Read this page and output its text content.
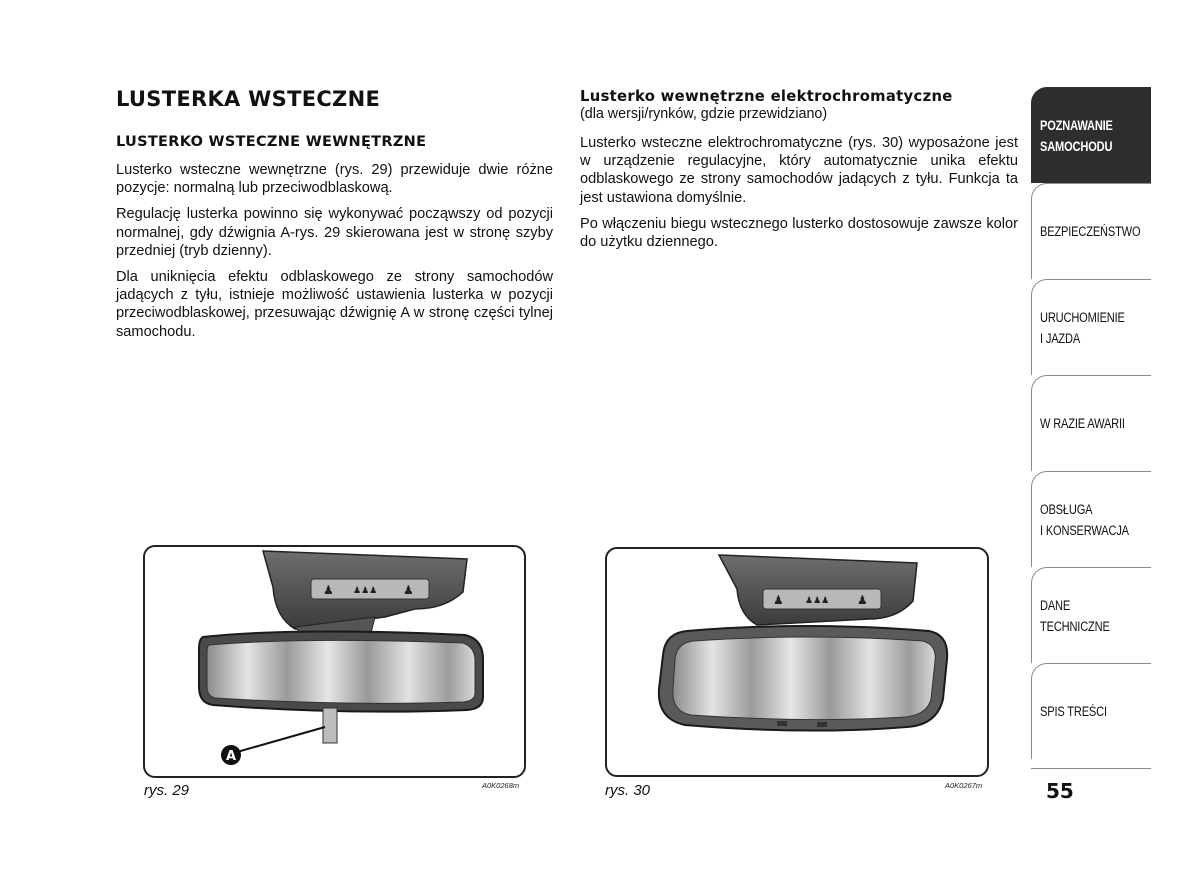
LUSTERKA WSTECZNE
LUSTERKO WSTECZNE WEWNĘTRZNE

Lusterko wsteczne wewnętrzne (rys. 29) przewiduje dwie różne pozycje: normalną lub przeciwodblaskową.

Regulację lusterka powinno się wykonywać począwszy od pozycji normalnej, gdy dźwignia A-rys. 29 skierowana jest w stronę szyby przedniej (tryb dzienny).

Dla uniknięcia efektu odblaskowego ze strony samochodów jadących z tyłu, istnieje możliwość ustawienia lusterka w pozycji przeciwodblaskowej, przesuwając dźwignię A w stronę części tylnej samochodu.

Lusterko wewnętrzne elektrochromatyczne

(dla wersji/rynków, gdzie przewidziano)

Lusterko wsteczne elektrochromatyczne (rys. 30) wyposażone jest w urządzenie regulacyjne, który automatycznie unika efektu odblaskowego ze strony samochodów jadących z tyłu. Funkcja ta jest ustawiona domyślnie.

Po włączeniu biegu wstecznego lusterko dostosowuje zawsze kolor do użytku dziennego.

♟ ♟♟♟ ♟
A
rys. 29	A0K0268m
♟ ♟♟♟ ♟
rys. 30	A0K0267m
POZNAWANIE
SAMOCHODU
BEZPIECZEŃSTWO
URUCHOMIENIE
I JAZDA
W RAZIE AWARII
OBSŁUGA
I KONSERWACJA
DANE
TECHNICZNE
SPIS TREŚCI
55
